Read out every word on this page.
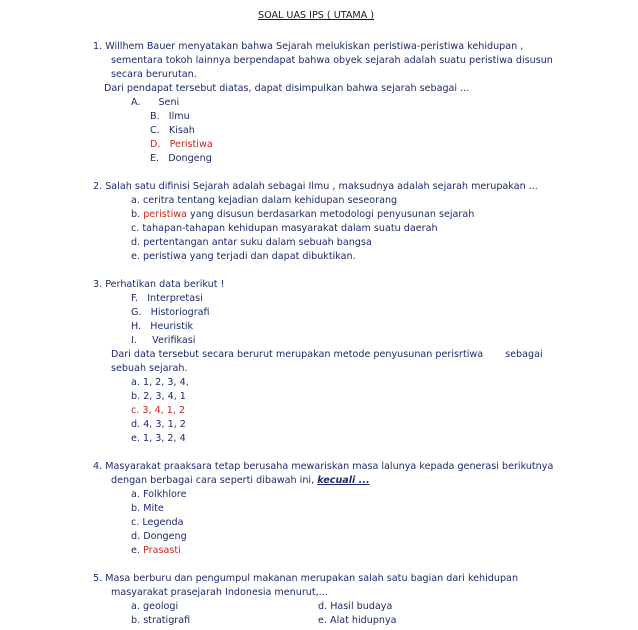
SOAL UAS IPS ( UTAMA )
1. Willhem Bauer menyatakan bahwa Sejarah melukiskan peristiwa-peristiwa kehidupan ,
sementara tokoh lainnya berpendapat bahwa obyek sejarah adalah suatu peristiwa disusun
secara berurutan.
Dari pendapat tersebut diatas, dapat disimpulkan bahwa sejarah sebagai ...
A. Seni
B. Ilmu
C. Kisah
D. Peristiwa
E. Dongeng
2. Salah satu difinisi Sejarah adalah sebagai Ilmu , maksudnya adalah sejarah merupakan ...
a. ceritra tentang kejadian dalam kehidupan seseorang
b. peristiwa yang disusun berdasarkan metodologi penyusunan sejarah
c. tahapan-tahapan kehidupan masyarakat dalam suatu daerah
d. pertentangan antar suku dalam sebuah bangsa
e. peristiwa yang terjadi dan dapat dibuktikan.
3. Perhatikan data berikut !
F. Interpretasi
G. Historiografi
H. Heuristik
I. Verifikasi
Dari data tersebut secara berurut merupakan metode penyusunan perisrtiwa sebagai
sebuah sejarah.
a. 1, 2, 3, 4,
b. 2, 3, 4, 1
c. 3, 4, 1, 2
d. 4, 3, 1, 2
e. 1, 3, 2, 4
4. Masyarakat praaksara tetap berusaha mewariskan masa lalunya kepada generasi berikutnya
dengan berbagai cara seperti dibawah ini, kecuali ...
a. Folkhlore
b. Mite
c. Legenda
d. Dongeng
e. Prasasti
5. Masa berburu dan pengumpul makanan merupakan salah satu bagian dari kehidupan
masyarakat prasejarah Indonesia menurut,...
a. geologi
b. stratigrafi
d. Hasil budaya
e. Alat hidupnya
